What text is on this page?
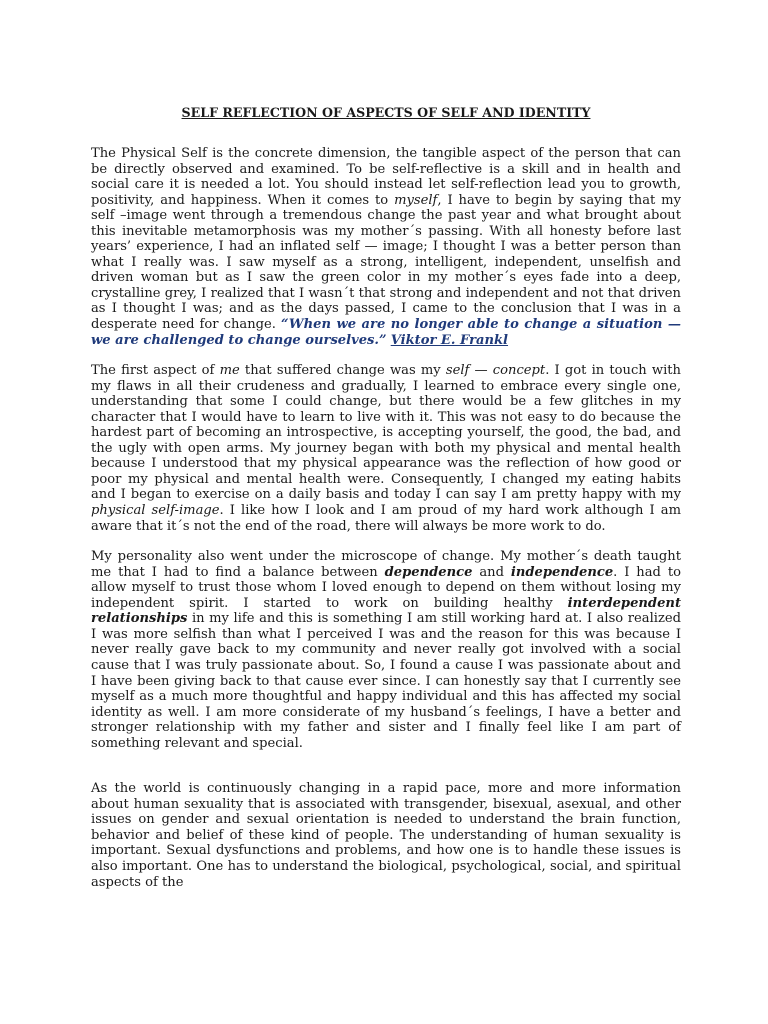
SELF REFLECTION OF ASPECTS OF SELF AND IDENTITY

The Physical Self is the concrete dimension, the tangible aspect of the person that can be directly observed and examined. To be self-reflective is a skill and in health and social care it is needed a lot. You should instead let self-reflection lead you to growth, positivity, and happiness. When it comes to myself, I have to begin by saying that my self –image went through a tremendous change the past year and what brought about this inevitable metamorphosis was my mother´s passing. With all honesty before last years’ experience, I had an inflated self — image; I thought I was a better person than what I really was. I saw myself as a strong, intelligent, independent, unselfish and driven woman but as I saw the green color in my mother´s eyes fade into a deep, crystalline grey, I realized that I wasn´t that strong and independent and not that driven as I thought I was; and as the days passed, I came to the conclusion that I was in a desperate need for change. “When we are no longer able to change a situation — we are challenged to change ourselves.” Viktor E. Frankl

The first aspect of me that suffered change was my self — concept. I got in touch with my flaws in all their crudeness and gradually, I learned to embrace every single one, understanding that some I could change, but there would be a few glitches in my character that I would have to learn to live with it. This was not easy to do because the hardest part of becoming an introspective, is accepting yourself, the good, the bad, and the ugly with open arms. My journey began with both my physical and mental health because I understood that my physical appearance was the reflection of how good or poor my physical and mental health were. Consequently, I changed my eating habits and I began to exercise on a daily basis and today I can say I am pretty happy with my physical self-image. I like how I look and I am proud of my hard work although I am aware that it´s not the end of the road, there will always be more work to do.

My personality also went under the microscope of change. My mother´s death taught me that I had to find a balance between dependence and independence. I had to allow myself to trust those whom I loved enough to depend on them without losing my independent spirit. I started to work on building healthy interdependent relationships in my life and this is something I am still working hard at. I also realized I was more selfish than what I perceived I was and the reason for this was because I never really gave back to my community and never really got involved with a social cause that I was truly passionate about. So, I found a cause I was passionate about and I have been giving back to that cause ever since. I can honestly say that I currently see myself as a much more thoughtful and happy individual and this has affected my social identity as well. I am more considerate of my husband´s feelings, I have a better and stronger relationship with my father and sister and I finally feel like I am part of something relevant and special.

As the world is continuously changing in a rapid pace, more and more information about human sexuality that is associated with transgender, bisexual, asexual, and other issues on gender and sexual orientation is needed to understand the brain function, behavior and belief of these kind of people. The understanding of human sexuality is important. Sexual dysfunctions and problems, and how one is to handle these issues is also important. One has to understand the biological, psychological, social, and spiritual aspects of the
